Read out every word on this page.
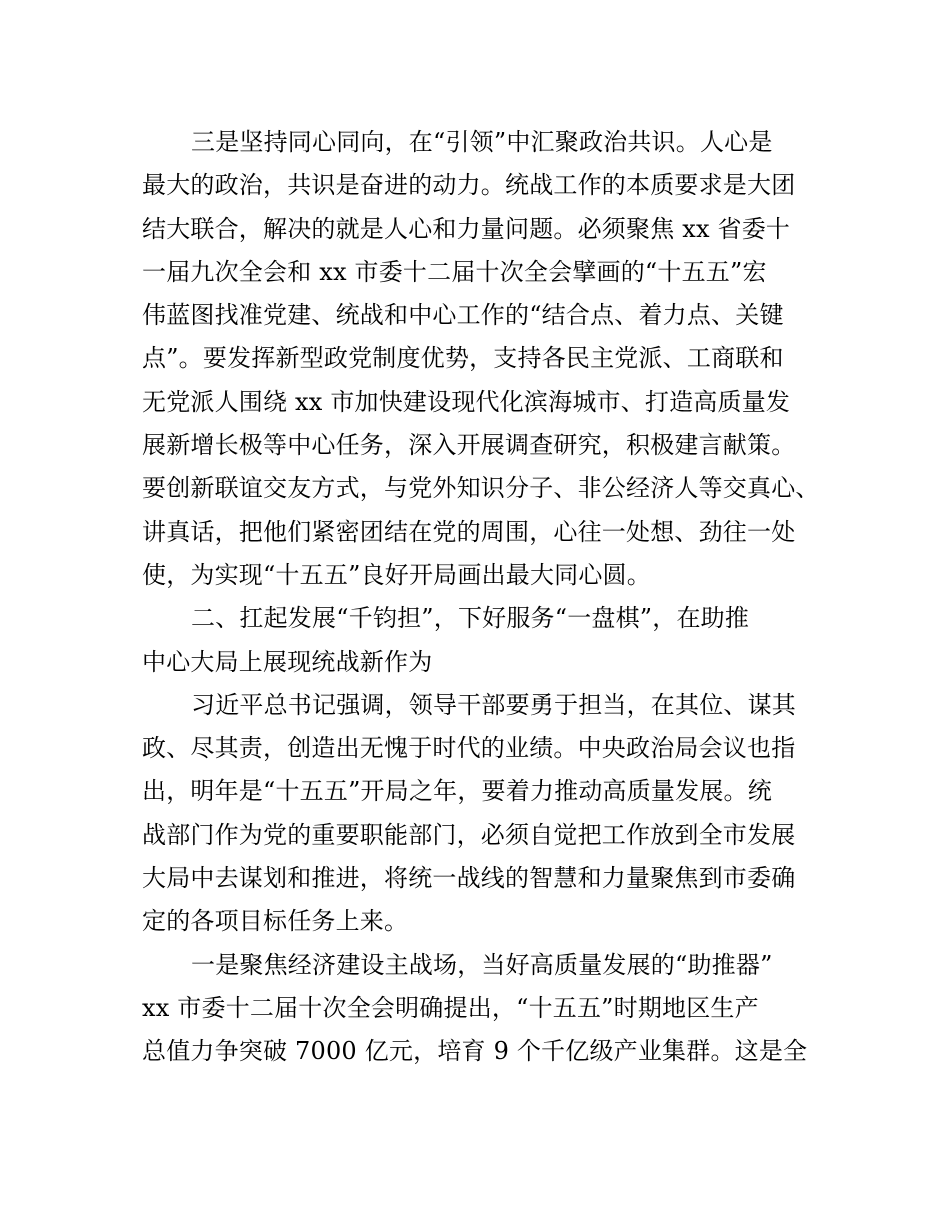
三是坚持同心同向，在“引领”中汇聚政治共识。人心是
最大的政治，共识是奋进的动力。统战工作的本质要求是大团
结大联合，解决的就是人心和力量问题。必须聚焦 xx 省委十
一届九次全会和 xx 市委十二届十次全会擘画的“十五五”宏
伟蓝图找准党建、统战和中心工作的“结合点、着力点、关键
点”。要发挥新型政党制度优势，支持各民主党派、工商联和
无党派人围绕 xx 市加快建设现代化滨海城市、打造高质量发
展新增长极等中心任务，深入开展调查研究，积极建言献策。
要创新联谊交友方式，与党外知识分子、非公经济人等交真心、
讲真话，把他们紧密团结在党的周围，心往一处想、劲往一处
使，为实现“十五五”良好开局画出最大同心圆。

二、扛起发展“千钧担”，下好服务“一盘棋”，在助推
中心大局上展现统战新作为

习近平总书记强调，领导干部要勇于担当，在其位、谋其
政、尽其责，创造出无愧于时代的业绩。中央政治局会议也指
出，明年是“十五五”开局之年，要着力推动高质量发展。统
战部门作为党的重要职能部门，必须自觉把工作放到全市发展
大局中去谋划和推进，将统一战线的智慧和力量聚焦到市委确
定的各项目标任务上来。

一是聚焦经济建设主战场，当好高质量发展的“助推器”
xx 市委十二届十次全会明确提出，“十五五”时期地区生产
总值力争突破 7000 亿元，培育 9 个千亿级产业集群。这是全
